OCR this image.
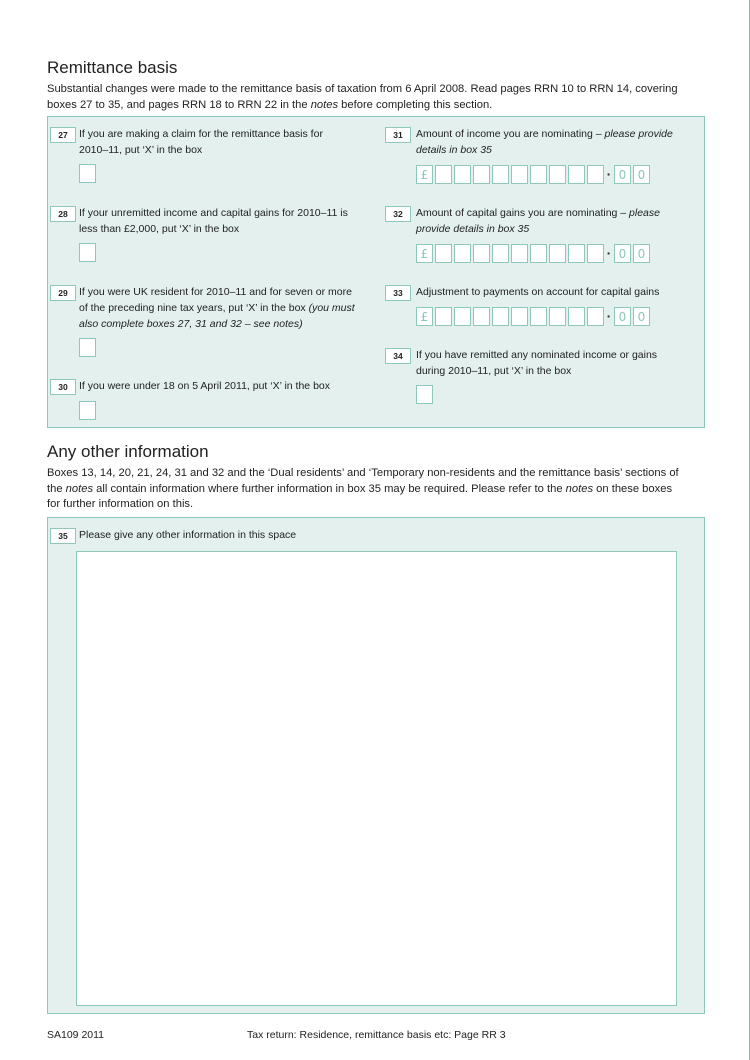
Remittance basis
Substantial changes were made to the remittance basis of taxation from 6 April 2008. Read pages RRN 10 to RRN 14, covering
boxes 27 to 35, and pages RRN 18 to RRN 22 in the notes before completing this section.
27	If you are making a claim for the remittance basis for
2010–11, put ‘X’ in the box
28	If your unremitted income and capital gains for 2010–11 is
less than £2,000, put ‘X’ in the box
29	If you were UK resident for 2010–11 and for seven or more
of the preceding nine tax years, put ‘X’ in the box (you must
also complete boxes 27, 31 and 32 – see notes)
30	If you were under 18 on 5 April 2011, put ‘X’ in the box
31	Amount of income you are nominating – please provide
details in box 35
£	· 0 0
32	Amount of capital gains you are nominating – please
provide details in box 35
£	· 0 0
33	Adjustment to payments on account for capital gains
£	· 0 0
34	If you have remitted any nominated income or gains
during 2010–11, put ‘X’ in the box
Any other information
Boxes 13, 14, 20, 21, 24, 31 and 32 and the ‘Dual residents’ and ‘Temporary non-residents and the remittance basis’ sections of
the notes all contain information where further information in box 35 may be required. Please refer to the notes on these boxes
for further information on this.
35	Please give any other information in this space
SA109 2011	Tax return: Residence, remittance basis etc: Page RR 3
